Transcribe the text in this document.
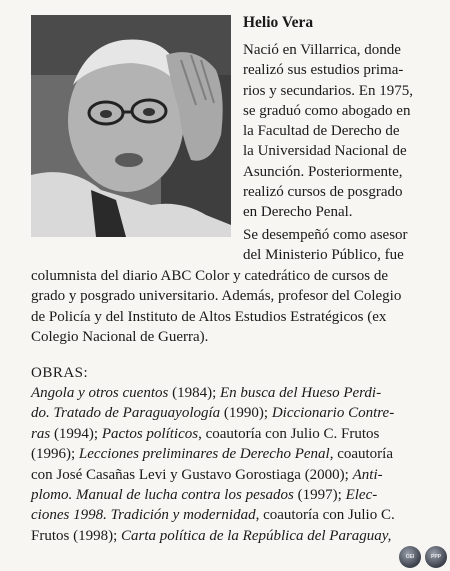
Helio Vera
Nació en Villarrica, donde
realizó sus estudios prima-
rios y secundarios. En 1975,
se graduó como abogado en
la Facultad de Derecho de
la Universidad Nacional de
Asunción. Posteriormente,
realizó cursos de posgrado
en Derecho Penal.
Se desempeñó como asesor
del Ministerio Público, fue
columnista del diario ABC Color y catedrático de cursos de
grado y posgrado universitario. Además, profesor del Colegio
de Policía y del Instituto de Altos Estudios Estratégicos (ex
Colegio Nacional de Guerra).
OBRAS:
Angola y otros cuentos (1984); En busca del Hueso Perdi-
do. Tratado de Paraguayología (1990); Diccionario Contre-
ras (1994); Pactos políticos, coautoría con Julio C. Frutos
(1996); Lecciones preliminares de Derecho Penal, coautoría
con José Casañas Levi y Gustavo Gorostiaga (2000); Anti-
plomo. Manual de lucha contra los pesados (1997); Elec-
ciones 1998. Tradición y modernidad, coautoría con Julio C.
Frutos (1998); Carta política de la República del Paraguay,
OEI	PPP
